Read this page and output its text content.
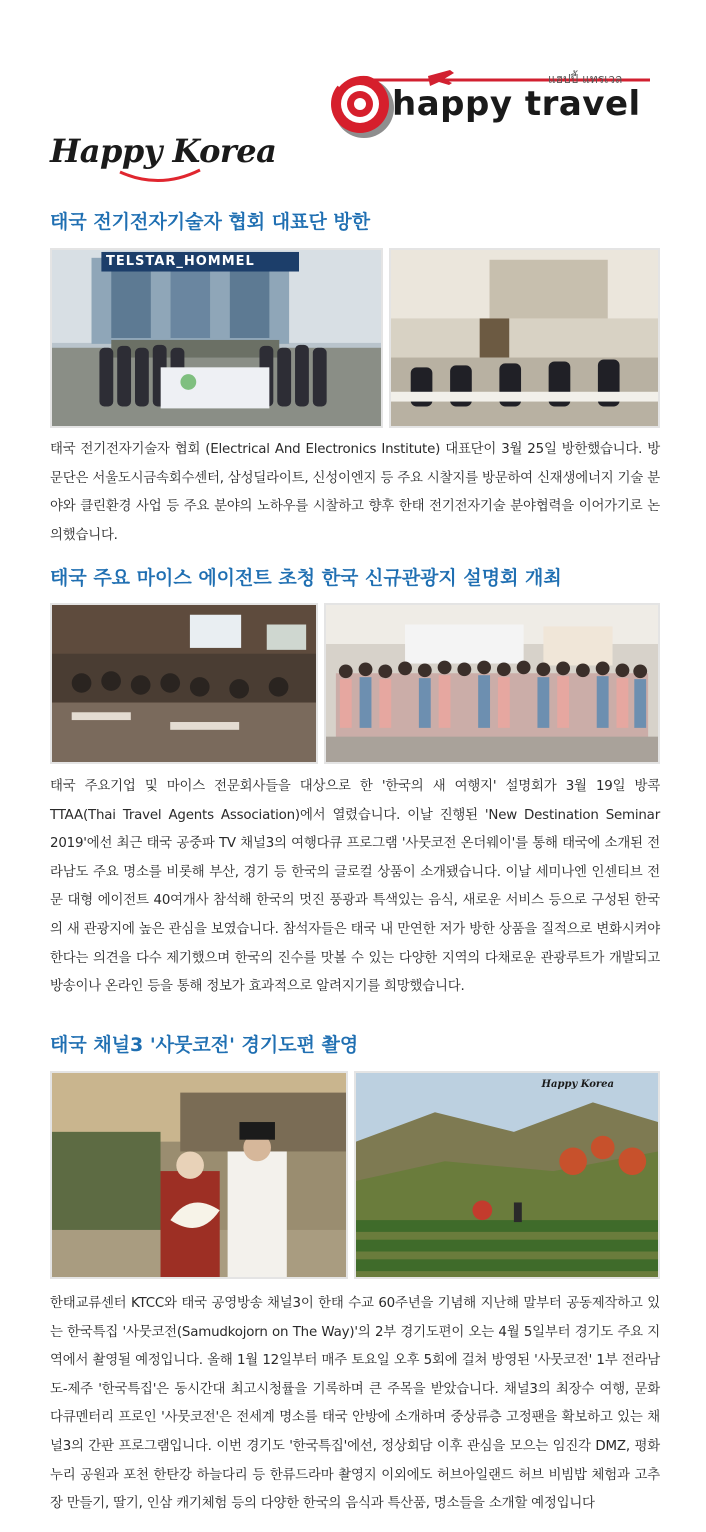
แฮปปี้ แทรเวล
happy travel
Happy Korea
태국 전기전자기술자 협회 대표단 방한
TELSTAR_HOMMEL
태국 전기전자기술자 협회 (Electrical And Electronics Institute) 대표단이 3월 25일 방한했습니다. 방문단은 서울도시금속회수센터, 삼성딜라이트, 신성이엔지 등 주요 시찰지를 방문하여 신재생에너지 기술 분야와 클린환경 사업 등 주요 분야의 노하우를 시찰하고 향후 한태 전기전자기술 분야협력을 이어가기로 논의했습니다.
태국 주요 마이스 에이전트 초청 한국 신규관광지 설명회 개최
태국 주요기업 및 마이스 전문회사들을 대상으로 한 '한국의 새 여행지' 설명회가 3월 19일 방콕 TTAA(Thai Travel Agents Association)에서 열렸습니다. 이날 진행된 'New Destination Seminar 2019'에선 최근 태국 공중파 TV 채널3의 여행다큐 프로그램 '사뭇코전 온더웨이'를 통해 태국에 소개된 전라남도 주요 명소를 비롯해 부산, 경기 등 한국의 글로컬 상품이 소개됐습니다. 이날 세미나엔 인센티브 전문 대형 에이전트 40여개사 참석해 한국의 멋진 풍광과 특색있는 음식, 새로운 서비스 등으로 구성된 한국의 새 관광지에 높은 관심을 보였습니다. 참석자들은 태국 내 만연한 저가 방한 상품을 질적으로 변화시켜야 한다는 의견을 다수 제기했으며 한국의 진수를 맛볼 수 있는 다양한 지역의 다채로운 관광루트가 개발되고 방송이나 온라인 등을 통해 정보가 효과적으로 알려지기를 희망했습니다.
태국 채널3 '사뭇코전' 경기도편 촬영
Happy Korea
한태교류센터 KTCC와 태국 공영방송 채널3이 한태 수교 60주년을 기념해 지난해 말부터 공동제작하고 있는 한국특집 '사뭇코전(Samudkojorn on The Way)'의 2부 경기도편이 오는 4월 5일부터 경기도 주요 지역에서 촬영될 예정입니다. 올해 1월 12일부터 매주 토요일 오후 5회에 걸쳐 방영된 '사뭇코전' 1부 전라남도-제주 '한국특집'은 동시간대 최고시청률을 기록하며 큰 주목을 받았습니다. 채널3의 최장수 여행, 문화 다큐멘터리 프로인 '사뭇코전'은 전세계 명소를 태국 안방에 소개하며 중상류층 고정팬을 확보하고 있는 채널3의 간판 프로그램입니다. 이번 경기도 '한국특집'에선, 정상회담 이후 관심을 모으는 임진각 DMZ, 평화누리 공원과 포천 한탄강 하늘다리 등 한류드라마 촬영지 이외에도 허브아일랜드 허브 비빔밥 체험과 고추장 만들기, 딸기, 인삼 캐기체험 등의 다양한 한국의 음식과 특산품, 명소들을 소개할 예정입니다
